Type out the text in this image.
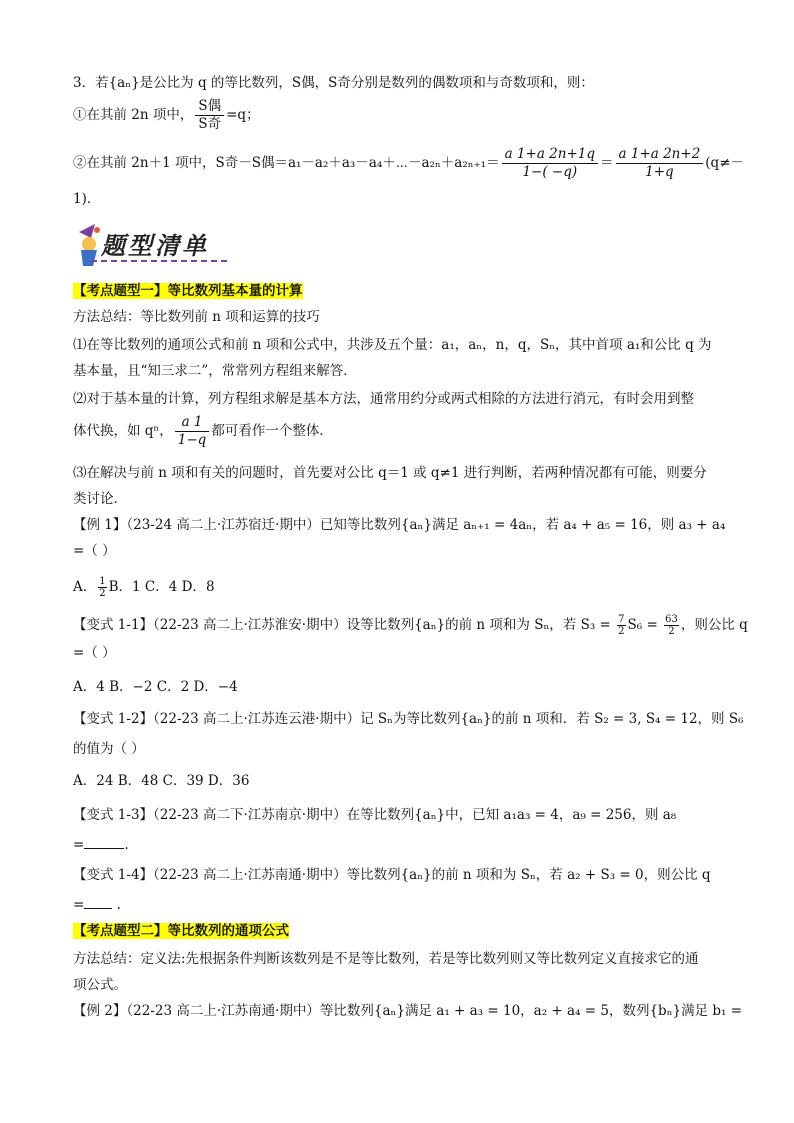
3．若{aₙ}是公比为 q 的等比数列，S偶，S奇分别是数列的偶数项和与奇数项和，则：
①在其前 2n 项中， $\frac{\text{S偶}}{\text{S奇}} =q$；
②在其前 2n＋1 项中，S奇－S偶＝a₁－a₂＋a₃－a₄＋⋯－a₂ₙ＋a₂ₙ₊₁＝ $\frac{a 1+a 2n+1q}{1-( -q)} = \frac{a 1+a 2n+2}{1+q} (q\ne-$
1)．
题型清单
【考点题型一】等比数列基本量的计算
方法总结：等比数列前 n 项和运算的技巧
⑴在等比数列的通项公式和前 n 项和公式中，共涉及五个量：a₁，aₙ，n，q，Sₙ，其中首项 a₁和公比 q 为
基本量，且“知三求二”，常常列方程组来解答．
⑵对于基本量的计算，列方程组求解是基本方法，通常用约分或两式相除的方法进行消元，有时会用到整
体代换，如 qⁿ， $\frac{a 1}{1-q}$ 都可看作一个整体．
⑶在解决与前 n 项和有关的问题时，首先要对公比 q＝1 或 q≠1 进行判断，若两种情况都有可能，则要分
类讨论．
【例 1】（23-24 高二上·江苏宿迁·期中）已知等比数列{aₙ}满足 aₙ₊₁ = 4aₙ，若 a₄ + a₅ = 16，则 a₃ + a₄
=（ ）
A． $\frac{1}{2}$ B．1 C．4 D．8
【变式 1-1】（22-23 高二上·江苏淮安·期中）设等比数列{aₙ}的前 n 项和为 Sₙ，若 $S_3 = \frac{7}{2} S_6 = \frac{63}{2}$ ，则公比 q
=（ ）
A．4 B．−2 C．2 D．−4
【变式 1-2】（22-23 高二上·江苏连云港·期中）记 Sₙ为等比数列{aₙ}的前 n 项和．若 S₂ = 3, S₄ = 12，则 S₆
的值为（ ）
A．24 B．48 C．39 D．36
【变式 1-3】（22-23 高二下·江苏南京·期中）在等比数列{aₙ}中，已知 a₁a₃ = 4，a₉ = 256，则 a₈
=	.
【变式 1-4】（22-23 高二上·江苏南通·期中）等比数列{aₙ}的前 n 项和为 Sₙ，若 a₂ + S₃ = 0，则公比 q
= .
【考点题型二】等比数列的通项公式
方法总结：定义法:先根据条件判断该数列是不是等比数列，若是等比数列则又等比数列定义直接求它的通
项公式。
【例 2】（22-23 高二上·江苏南通·期中）等比数列{aₙ}满足 a₁ + a₃ = 10，a₂ + a₄ = 5，数列{bₙ}满足 b₁ =
